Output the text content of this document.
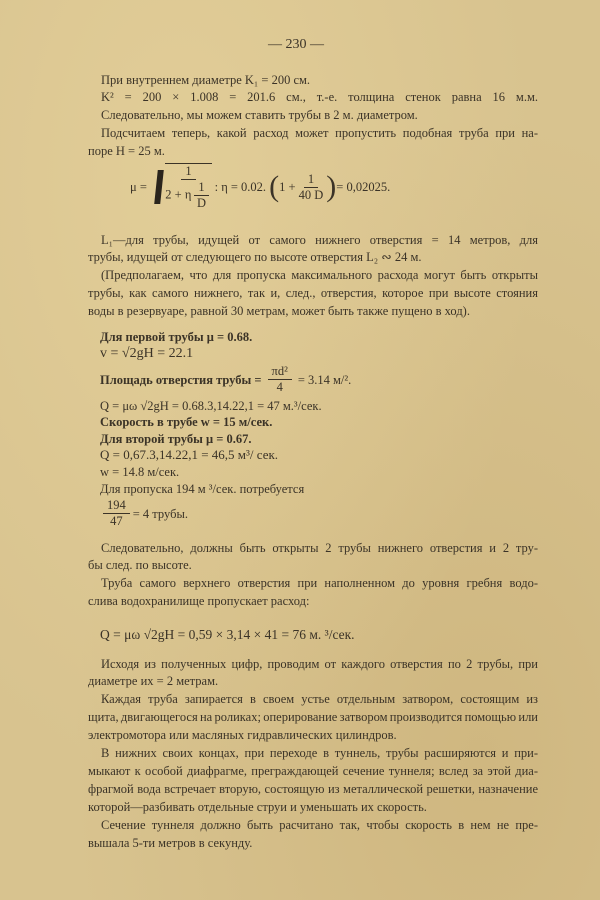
— 230 —
При внутреннем диаметре K₁ = 200 см.
K² = 200 × 1.008 = 201.6 см., т.-е. толщина стенок равна 16 м.м.
Следовательно, мы можем ставить трубы в 2 м. диаметром.
Подсчитаем теперь, какой расход может пропустить подобная труба при на-
поре H = 25 м.
μ =
$\frac{1}{2 + \eta \frac{1}{D}}$ : η = 0.02.
( $1 + \frac{1}{40 D}$ ) = 0,02025.
L₁—для трубы, идущей от самого нижнего отверстия = 14 метров, для
трубы, идущей от следующего по высоте отверстия L₂ ∾ 24 м.
(Предполагаем, что для пропуска максимального расхода могут быть открыты
трубы, как самого нижнего, так и, след., отверстия, которое при высоте стояния
воды в резервуаре, равной 30 метрам, может быть также пущено в ход).
Для первой трубы μ = 0.68.
v = √2gH = 22.1
Площадь отверстия трубы = $\frac{\text{πd²}}{4} = 3.14$ м/².
Q = μω √2gH = 0.68.3,14.22,1 = 47 м.³/сек.
Скорость в трубе w = 15 м/сек.
Для второй трубы μ = 0.67.
Q = 0,67.3,14.22,1 = 46,5 м³/ сек.
w = 14.8 м/сек.
Для пропуска 194 м ³/сек. потребуется
$\frac{194}{47} = 4$ трубы.
Следовательно, должны быть открыты 2 трубы нижнего отверстия и 2 тру-
бы след. по высоте.
Труба самого верхнего отверстия при наполненном до уровня гребня водо-
слива водохранилище пропускает расход:
Q = μω √2gH = 0,59 × 3,14 × 41 = 76 м. ³/сек.
Исходя из полученных цифр, проводим от каждого отверстия по 2 трубы, при
диаметре их = 2 метрам.
Каждая труба запирается в своем устье отдельным затвором, состоящим из
щита, двигающегося на роликах; оперирование затвором производится помощью или
электромотора или масляных гидравлических цилиндров.
В нижних своих концах, при переходе в туннель, трубы расширяются и при-
мыкают к особой диафрагме, преграждающей сечение туннеля; вслед за этой диа-
фрагмой вода встречает вторую, состоящую из металлической решетки, назначение
которой—разбивать отдельные струи и уменьшать их скорость.
Сечение туннеля должно быть расчитано так, чтобы скорость в нем не пре-
вышала 5-ти метров в секунду.
